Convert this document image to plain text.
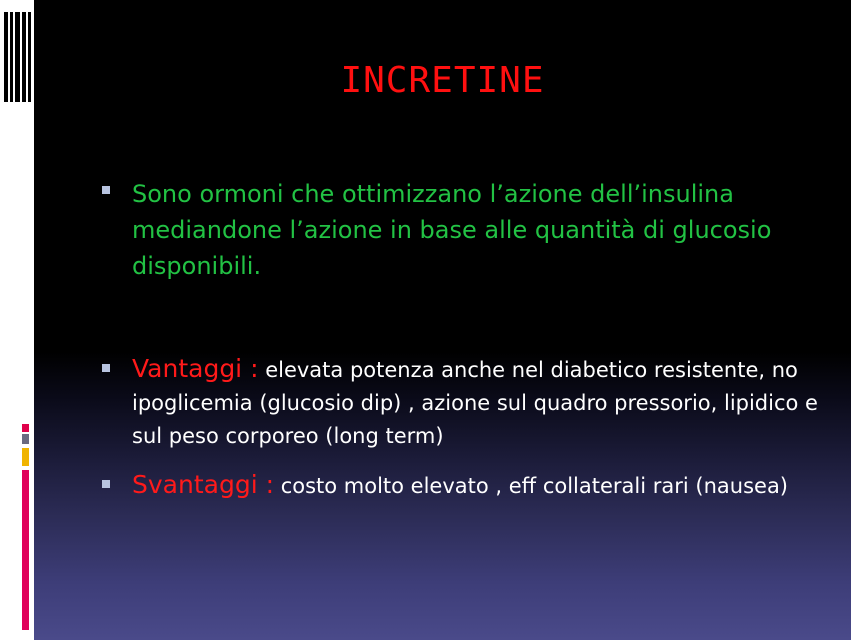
INCRETINE
Sono ormoni che ottimizzano l’azione dell’insulina mediandone l’azione in base alle quantità di glucosio disponibili.
Vantaggi : elevata potenza anche nel diabetico resistente, no ipoglicemia (glucosio dip) , azione sul quadro pressorio, lipidico e sul peso corporeo (long term)
Svantaggi : costo molto elevato , eff collaterali rari (nausea)
